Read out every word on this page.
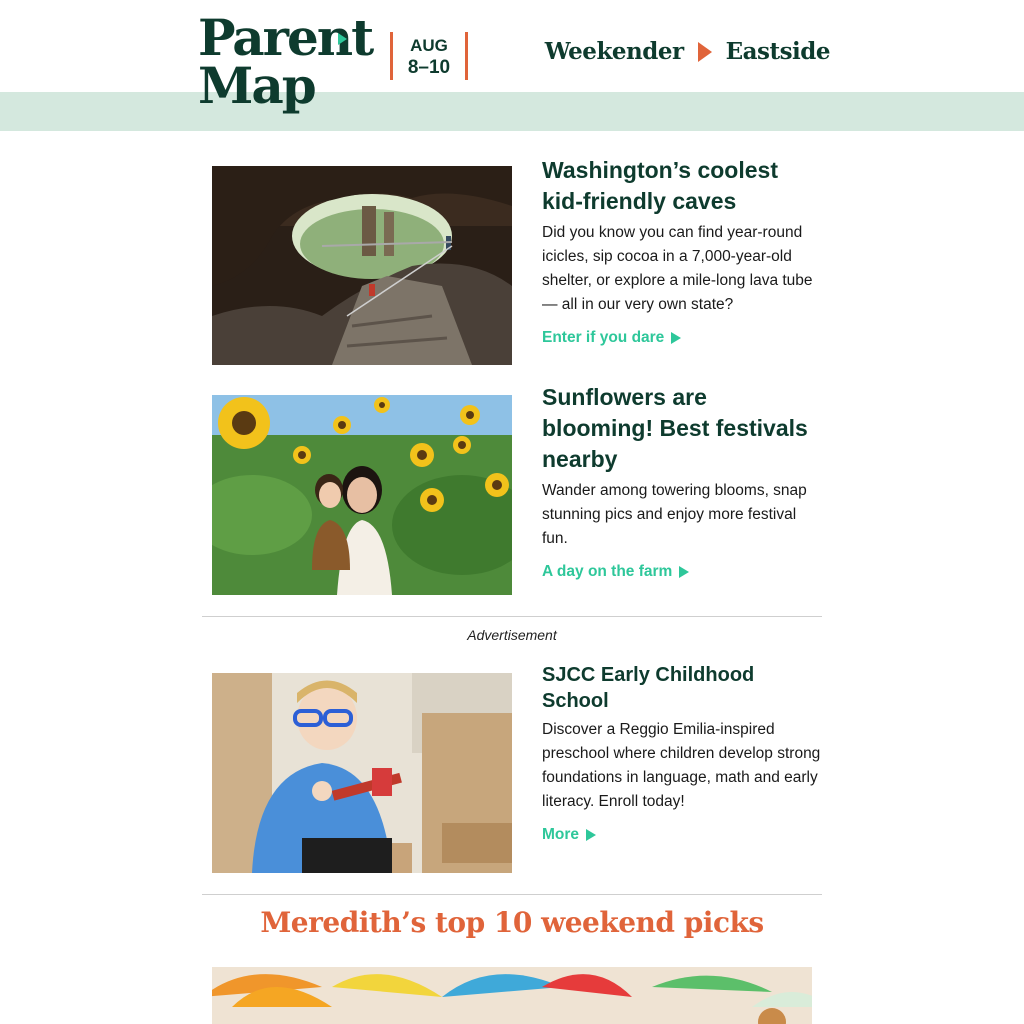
Parent
Map
AUG
8–10
Weekender Eastside
Washington’s coolest kid-friendly caves

Did you know you can find year-round icicles, sip cocoa in a 7,000-year-old shelter, or explore a mile-long lava tube — all in our very own state?

Enter if you dare
Sunflowers are blooming! Best festivals nearby

Wander among towering blooms, snap stunning pics and enjoy more festival fun.

A day on the farm
Advertisement
SJCC Early Childhood School

Discover a Reggio Emilia-inspired preschool where children develop strong foundations in language, math and early literacy. Enroll today!

More
Meredith’s top 10 weekend picks
